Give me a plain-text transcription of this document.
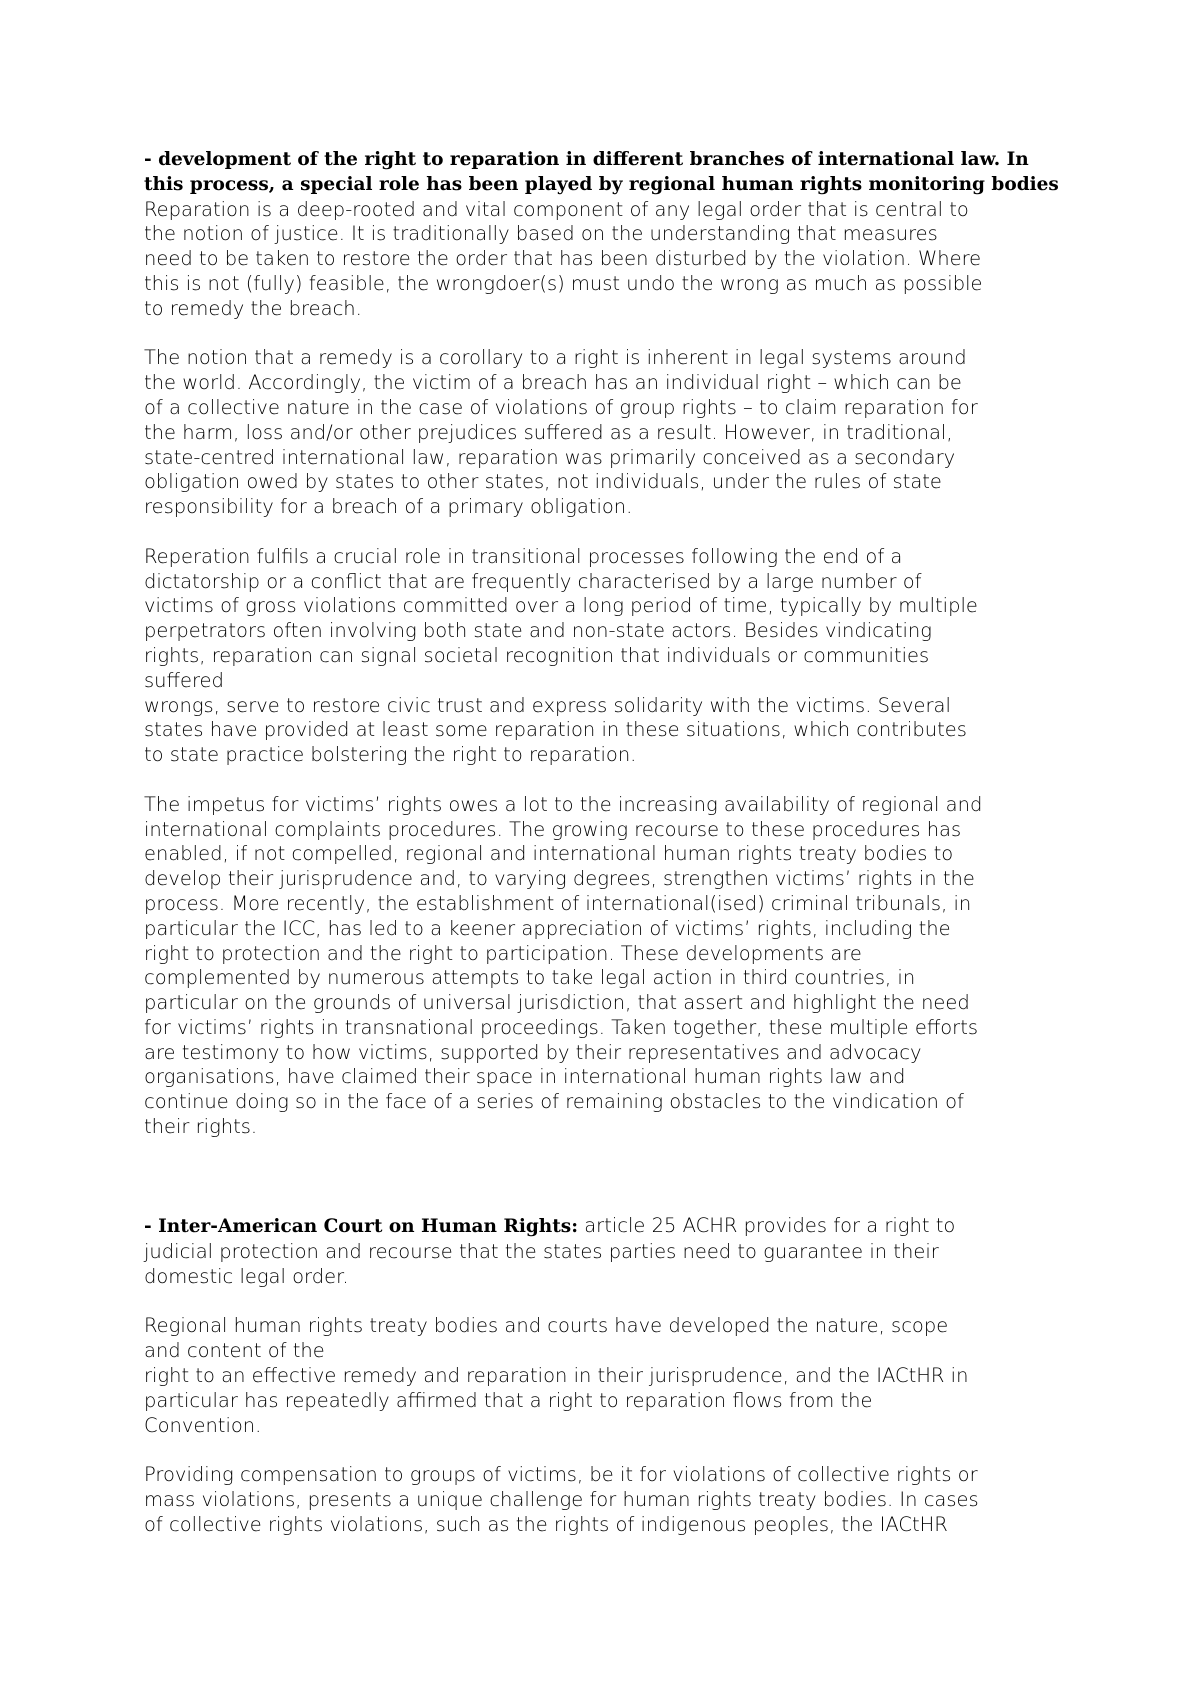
- development of the right to reparation in different branches of international law. In
this process, a special role has been played by regional human rights monitoring bodies

Reparation is a deep-rooted and vital component of any legal order that is central to
the notion of justice. It is traditionally based on the understanding that measures
need to be taken to restore the order that has been disturbed by the violation. Where
this is not (fully) feasible, the wrongdoer(s) must undo the wrong as much as possible
to remedy the breach.

The notion that a remedy is a corollary to a right is inherent in legal systems around
the world. Accordingly, the victim of a breach has an individual right – which can be
of a collective nature in the case of violations of group rights – to claim reparation for
the harm, loss and/or other prejudices suffered as a result. However, in traditional,
state-centred international law, reparation was primarily conceived as a secondary
obligation owed by states to other states, not individuals, under the rules of state
responsibility for a breach of a primary obligation.

Reperation fulfils a crucial role in transitional processes following the end of a
dictatorship or a conflict that are frequently characterised by a large number of
victims of gross violations committed over a long period of time, typically by multiple
perpetrators often involving both state and non-state actors. Besides vindicating
rights, reparation can signal societal recognition that individuals or communities
suffered
wrongs, serve to restore civic trust and express solidarity with the victims. Several
states have provided at least some reparation in these situations, which contributes
to state practice bolstering the right to reparation.

The impetus for victims’ rights owes a lot to the increasing availability of regional and
international complaints procedures. The growing recourse to these procedures has
enabled, if not compelled, regional and international human rights treaty bodies to
develop their jurisprudence and, to varying degrees, strengthen victims’ rights in the
process. More recently, the establishment of international(ised) criminal tribunals, in
particular the ICC, has led to a keener appreciation of victims’ rights, including the
right to protection and the right to participation. These developments are
complemented by numerous attempts to take legal action in third countries, in
particular on the grounds of universal jurisdiction, that assert and highlight the need
for victims’ rights in transnational proceedings. Taken together, these multiple efforts
are testimony to how victims, supported by their representatives and advocacy
organisations, have claimed their space in international human rights law and
continue doing so in the face of a series of remaining obstacles to the vindication of
their rights.

- Inter-American Court on Human Rights: article 25 ACHR provides for a right to
judicial protection and recourse that the states parties need to guarantee in their
domestic legal order.

Regional human rights treaty bodies and courts have developed the nature, scope
and content of the
right to an effective remedy and reparation in their jurisprudence, and the IACtHR in
particular has repeatedly affirmed that a right to reparation flows from the
Convention.

Providing compensation to groups of victims, be it for violations of collective rights or
mass violations, presents a unique challenge for human rights treaty bodies. In cases
of collective rights violations, such as the rights of indigenous peoples, the IACtHR
